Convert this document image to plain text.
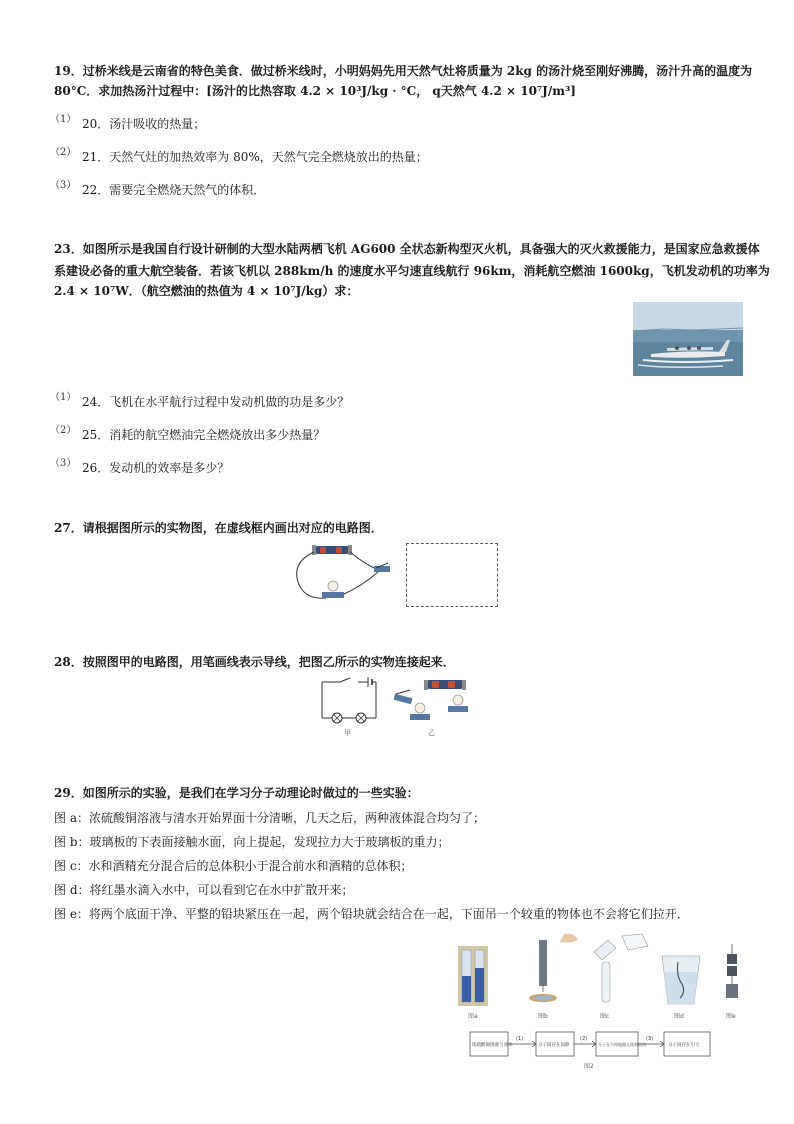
19．过桥米线是云南省的特色美食．做过桥米线时，小明妈妈先用天然气灶将质量为 2kg 的汤汁烧至刚好沸腾，汤汁升高的温度为
80°C．求加热汤汁过程中：[汤汁的比热容取 4.2 × 10³J/kg · °C， q天然气 4.2 × 10⁷J/m³]
（1） 20．汤汁吸收的热量；
（2） 21．天然气灶的加热效率为 80%，天然气完全燃烧放出的热量；
（3） 22．需要完全燃烧天然气的体积．
23．如图所示是我国自行设计研制的大型水陆两栖飞机 AG600 全状态新构型灭火机，具备强大的灭火救援能力，是国家应急救援体
系建设必备的重大航空装备．若该飞机以 288km/h 的速度水平匀速直线航行 96km，消耗航空燃油 1600kg，飞机发动机的功率为
2.4 × 10⁷W．（航空燃油的热值为 4 × 10⁷J/kg）求：
（1） 24．飞机在水平航行过程中发动机做的功是多少？
（2） 25．消耗的航空燃油完全燃烧放出多少热量？
（3） 26．发动机的效率是多少？
27．请根据图所示的实物图，在虚线框内画出对应的电路图．
28．按照图甲的电路图，用笔画线表示导线，把图乙所示的实物连接起来．
甲	乙
29．如图所示的实验，是我们在学习分子动理论时做过的一些实验：
图 a：浓硫酸铜溶液与清水开始界面十分清晰，几天之后，两种液体混合均匀了；
图 b：玻璃板的下表面接触水面，向上提起，发现拉力大于玻璃板的重力；
图 c：水和酒精充分混合后的总体积小于混合前水和酒精的总体积；
图 d：将红墨水滴入水中，可以看到它在水中扩散开来；
图 e：将两个底面干净、平整的铅块紧压在一起，两个铅块就会结合在一起，下面吊一个较重的物体也不会将它们拉开．
图a	图b	图c	图d	图e
浓硫酸铜溶液与清水	分子间存在间隙	分子在不停地做无规则运动	分子间存在引力
(1)	(2)	(3)
图2
